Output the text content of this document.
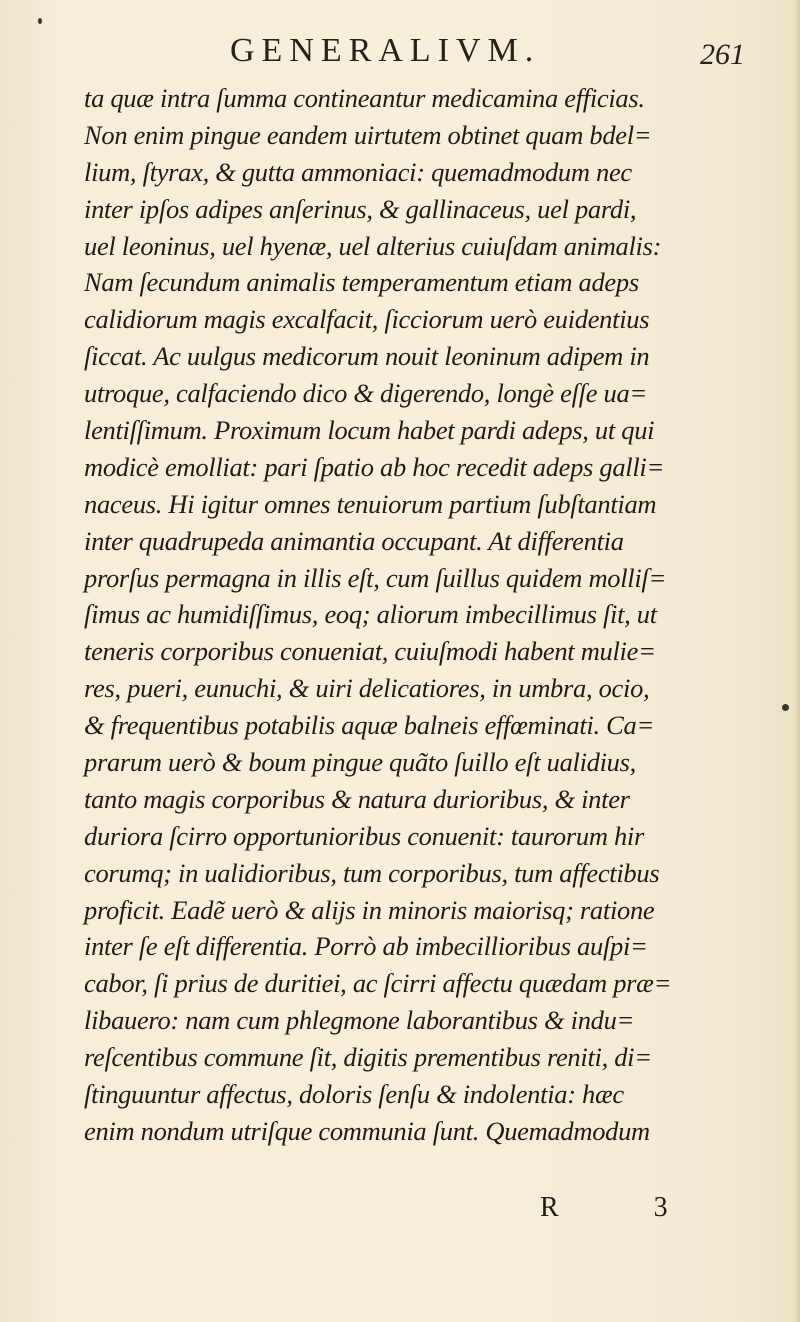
GENERALIVM.	261
ta quæ intra ſumma contineantur medicamina efficias.
Non enim pingue eandem uirtutem obtinet quam bdel=
lium, ſtyrax, & gutta ammoniaci: quemadmodum nec
inter ipſos adipes anſerinus, & gallinaceus, uel pardi,
uel leoninus, uel hyenæ, uel alterius cuiuſdam animalis:
Nam ſecundum animalis temperamentum etiam adeps
calidiorum magis excalfacit, ſicciorum uerò euidentius
ſiccat. Ac uulgus medicorum nouit leoninum adipem in
utroque, calfaciendo dico & digerendo, longè eſſe ua=
lentiſſimum. Proximum locum habet pardi adeps, ut qui
modicè emolliat: pari ſpatio ab hoc recedit adeps galli=
naceus. Hi igitur omnes tenuiorum partium ſubſtantiam
inter quadrupeda animantia occupant. At differentia
prorſus permagna in illis eſt, cum ſuillus quidem molliſ=
ſimus ac humidiſſimus, eoq; aliorum imbecillimus ſit, ut
teneris corporibus conueniat, cuiuſmodi habent mulie=
res, pueri, eunuchi, & uiri delicatiores, in umbra, ocio,
& frequentibus potabilis aquæ balneis effœminati. Ca=
prarum uerò & boum pingue quãto ſuillo eſt ualidius,
tanto magis corporibus & natura durioribus, & inter
duriora ſcirro opportunioribus conuenit: taurorum hir
corumq; in ualidioribus, tum corporibus, tum affectibus
proficit. Eadẽ uerò & alijs in minoris maiorisq; ratione
inter ſe eſt differentia. Porrò ab imbecillioribus auſpi=
cabor, ſi prius de duritiei, ac ſcirri affectu quædam præ=
libauero: nam cum phlegmone laborantibus & indu=
reſcentibus commune ſit, digitis prementibus reniti, di=
ſtinguuntur affectus, doloris ſenſu & indolentia: hæc
enim nondum utriſque communia ſunt. Quemadmodum
R 3
